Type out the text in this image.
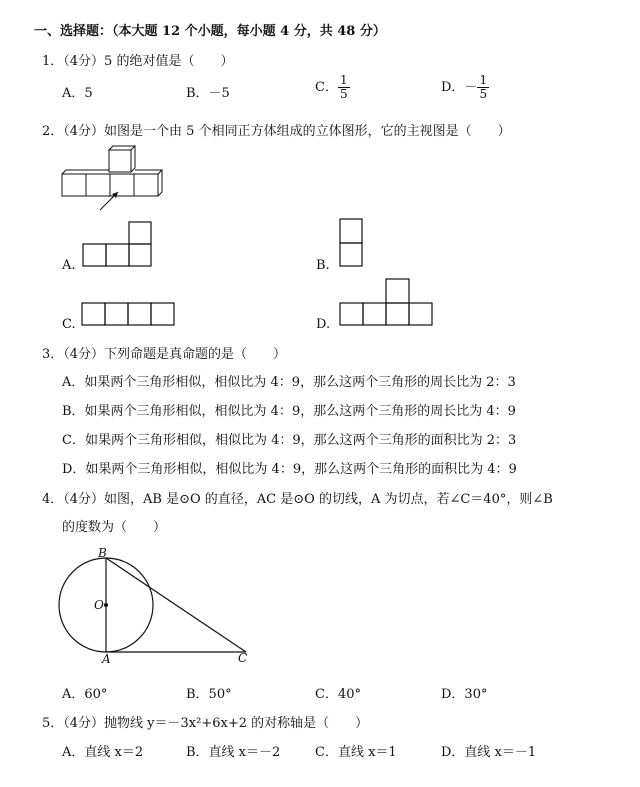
一、选择题：（本大题 12 个小题，每小题 4 分，共 48 分）
1．（4分）5 的绝对值是（　　）
A．5	B．－5	C． $\frac{1}{5}$	D．－ $\frac{1}{5}$
2．（4分）如图是一个由 5 个相同正方体组成的立体图形，它的主视图是（　　）
A.	B.
C.	D.
3．（4分）下列命题是真命题的是（　　）
A．如果两个三角形相似，相似比为 4：9，那么这两个三角形的周长比为 2：3
B．如果两个三角形相似，相似比为 4：9，那么这两个三角形的周长比为 4：9
C．如果两个三角形相似，相似比为 4：9，那么这两个三角形的面积比为 2：3
D．如果两个三角形相似，相似比为 4：9，那么这两个三角形的面积比为 4：9
4．（4分）如图，AB 是⊙O 的直径，AC 是⊙O 的切线，A 为切点，若∠C＝40°，则∠B
的度数为（　　）
B
O
A	C
A．60°	B．50°	C．40°	D．30°
5．（4分）抛物线 y＝－3x²+6x+2 的对称轴是（　　）
A．直线 x＝2	B．直线 x＝－2	C．直线 x＝1	D．直线 x＝－1
